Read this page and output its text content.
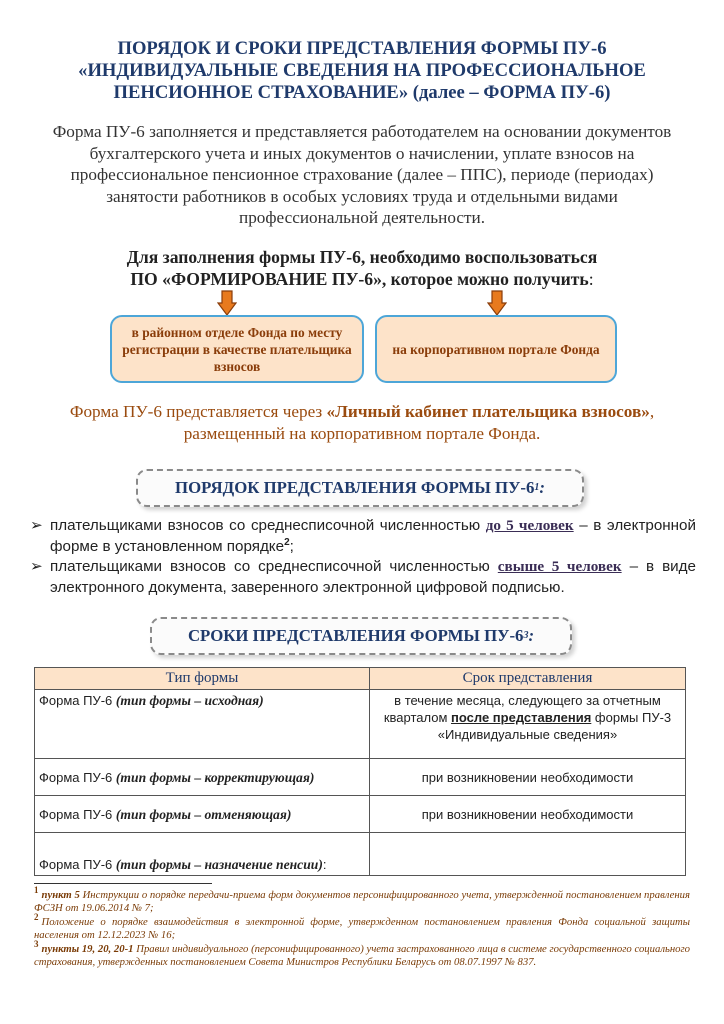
ПОРЯДОК И СРОКИ ПРЕДСТАВЛЕНИЯ ФОРМЫ ПУ-6
«ИНДИВИДУАЛЬНЫЕ СВЕДЕНИЯ НА ПРОФЕССИОНАЛЬНОЕ
ПЕНСИОННОЕ СТРАХОВАНИЕ» (далее – ФОРМА ПУ-6)
Форма ПУ-6 заполняется и представляется работодателем на основании документов бухгалтерского учета и иных документов о начислении, уплате взносов на профессиональное пенсионное страхование (далее – ППС), периоде (периодах) занятости работников в особых условиях труда и отдельными видами профессиональной деятельности.
Для заполнения формы ПУ-6, необходимо воспользоваться
ПО «ФОРМИРОВАНИЕ ПУ-6», которое можно получить:
в районном отделе Фонда по месту регистрации в качестве плательщика взносов
на корпоративном портале Фонда
Форма ПУ-6 представляется через «Личный кабинет плательщика взносов», размещенный на корпоративном портале Фонда.
ПОРЯДОК ПРЕДСТАВЛЕНИЯ ФОРМЫ ПУ-6 1 :
➢ плательщиками взносов со среднесписочной численностью до 5 человек – в электронной форме в установленном порядке$^2$;
➢ плательщиками взносов со среднесписочной численностью свыше 5 человек – в виде электронного документа, заверенного электронной цифровой подписью.
СРОКИ ПРЕДСТАВЛЕНИЯ ФОРМЫ ПУ-6 3 :
Тип формы	Срок представления
Форма ПУ-6 (тип формы – исходная)	в течение месяца, следующего за отчетным кварталом после представления формы ПУ-3 «Индивидуальные сведения»
Форма ПУ-6 (тип формы – корректирующая)	при возникновении необходимости
Форма ПУ-6 (тип формы – отменяющая)	при возникновении необходимости
Форма ПУ-6 (тип формы – назначение пенсии):	

$^1$ пункт 5 Инструкции о порядке передачи-приема форм документов персонифицированного учета, утвержденной постановлением правления ФСЗН от 19.06.2014 № 7;

$^2$ Положение о порядке взаимодействия в электронной форме, утвержденном постановлением правления Фонда социальной защиты населения от 12.12.2023 № 16;

$^3$ пункты 19, 20, 20-1 Правил индивидуального (персонифицированного) учета застрахованного лица в системе государственного социального страхования, утвержденных постановлением Совета Министров Республики Беларусь от 08.07.1997 № 837.
